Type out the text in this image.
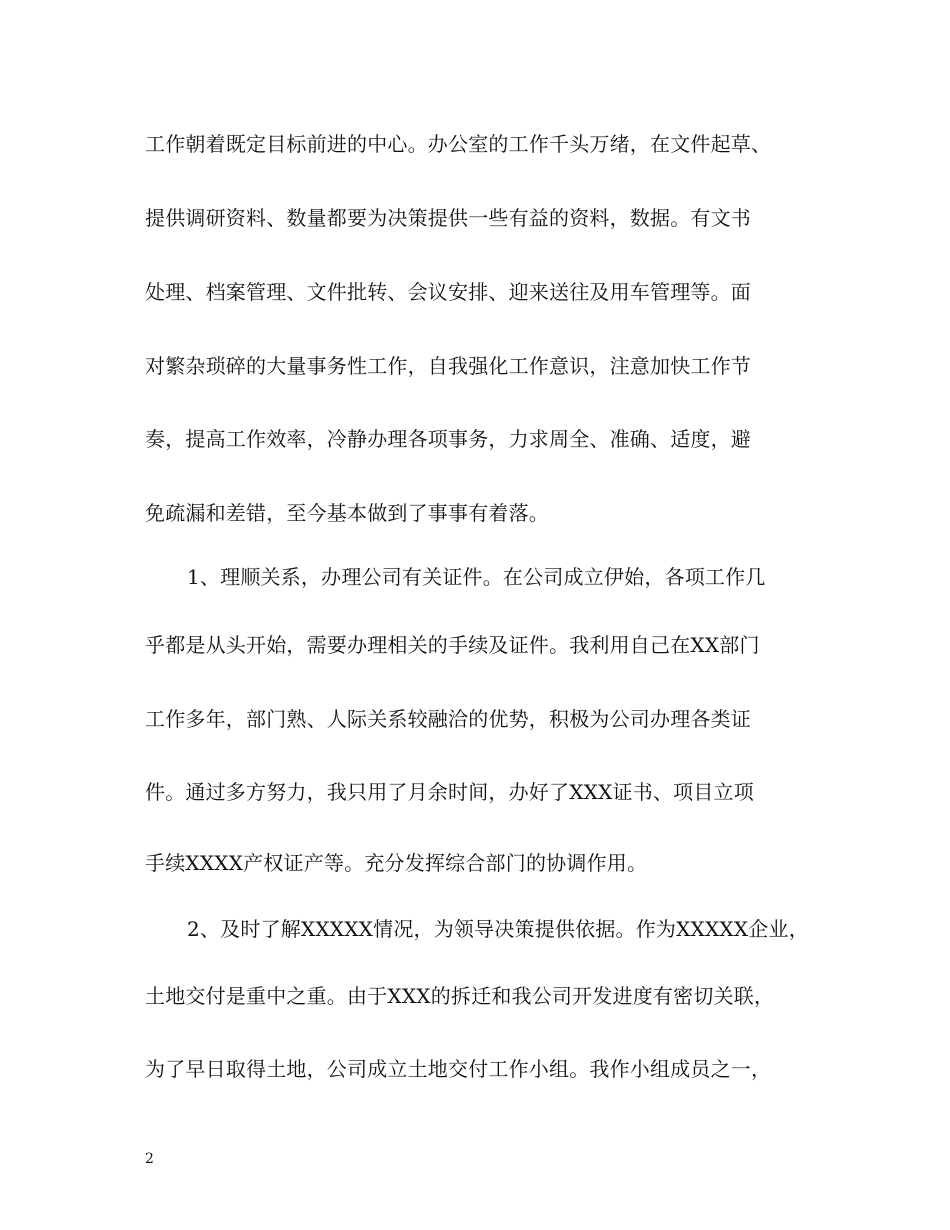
工作朝着既定目标前进的中心。办公室的工作千头万绪，在文件起草、
提供调研资料、数量都要为决策提供一些有益的资料，数据。有文书
处理、档案管理、文件批转、会议安排、迎来送往及用车管理等。面
对繁杂琐碎的大量事务性工作，自我强化工作意识，注意加快工作节
奏，提高工作效率，冷静办理各项事务，力求周全、准确、适度，避
免疏漏和差错，至今基本做到了事事有着落。
1、理顺关系，办理公司有关证件。在公司成立伊始，各项工作几
乎都是从头开始，需要办理相关的手续及证件。我利用自己在XX部门
工作多年，部门熟、人际关系较融洽的优势，积极为公司办理各类证
件。通过多方努力，我只用了月余时间，办好了XXX证书、项目立项
手续XXXX产权证产等。充分发挥综合部门的协调作用。
2、及时了解XXXXX情况，为领导决策提供依据。作为XXXXX企业，
土地交付是重中之重。由于XXX的拆迁和我公司开发进度有密切关联，
为了早日取得土地，公司成立土地交付工作小组。我作小组成员之一，
2
